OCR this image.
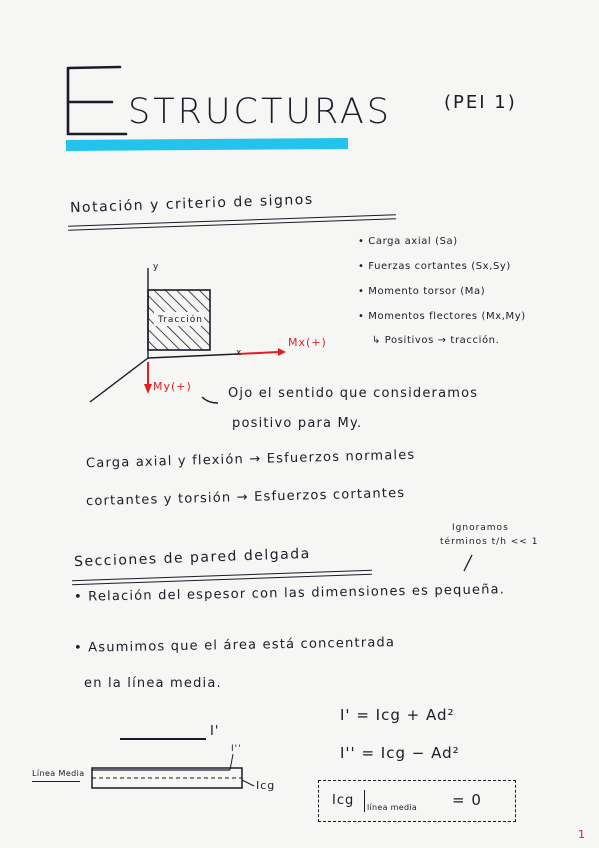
STRUCTURAS	(PEI 1)
Notación y criterio de signos
y
x
Tracción
Mx(+)
My(+)
• Carga axial (Sa)
• Fuerzas cortantes (Sx,Sy)
• Momento torsor (Ma)
• Momentos flectores (Mx,My)
↳ Positivos → tracción.
Ojo el sentido que consideramos
positivo para My.
Carga axial y flexión → Esfuerzos normales
cortantes y torsión → Esfuerzos cortantes
Secciones de pared delgada
Ignoramos
términos t/h << 1
• Relación del espesor con las dimensiones es pequeña.
• Asumimos que el área está concentrada
en la línea media.
I'
I''
Línea Media
Icg
I' = Icg + Ad²
I'' = Icg − Ad²
Icg línea media = 0
1
